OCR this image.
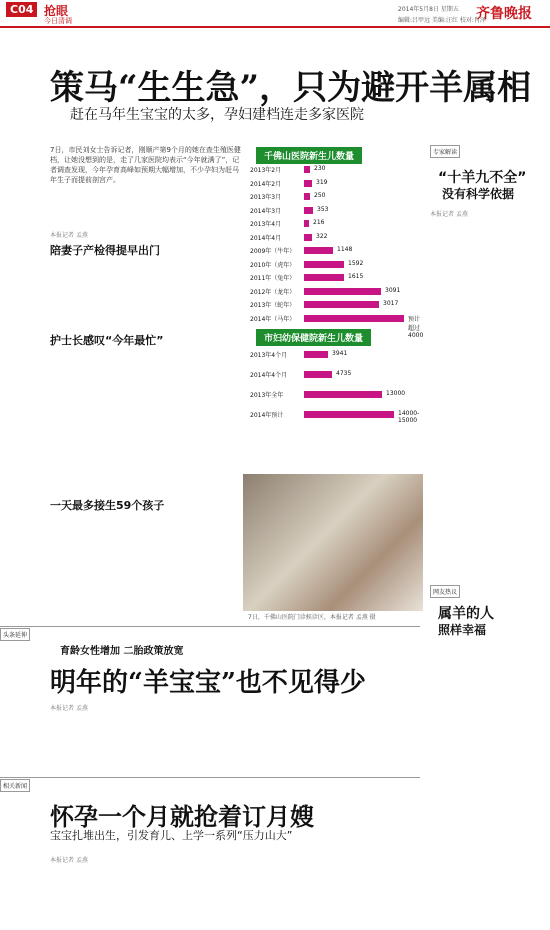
C04 抢眼
今日清调
2014年5月8日 星期五
编辑:吕甲远 美编:汪红 校对:肖泽
齐鲁晚报
策马“生生急”，只为避开羊属相
赶在马年生宝宝的太多，孕妇建档连走多家医院
7日，市民刘女士告诉记者，刚顺产第9个月的她在查生殖医健档，让她没想到的是，走了几家医院均表示“今年就满了”，记者调查发现，今年孕育高峰如预期大幅增加，不少孕妇为赶马年生子而提前剖宫产。
本报记者 孟燕
陪妻子产检得提早出门
护士长感叹“今年最忙”
一天最多接生59个孩子
千佛山医院新生儿数量
2013年2月	230
2014年2月	319
2013年3月	250
2014年3月	353
2013年4月	216
2014年4月	322
2009年（牛年）	1148
2010年（虎年）	1592
2011年（兔年）	1615
2012年（龙年）	3091
2013年（蛇年）	3017
2014年（马年）	预计超过4000
市妇幼保健院新生儿数量
2013年4个月	3941
2014年4个月	4735
2013年全年	13000
2014年预计	14000-15000
7日，千佛山医院门诊候诊区，本报记者 孟燕 摄
专家解读
“十羊九不全”
没有科学依据
本报记者 孟燕
网友热议
属羊的人
照样幸福
头条延伸
育龄女性增加 二胎政策放宽
明年的“羊宝宝”也不见得少
本报记者 孟燕
相关新闻
怀孕一个月就抢着订月嫂
宝宝扎堆出生，引发育儿、上学一系列“压力山大”
本报记者 孟燕
